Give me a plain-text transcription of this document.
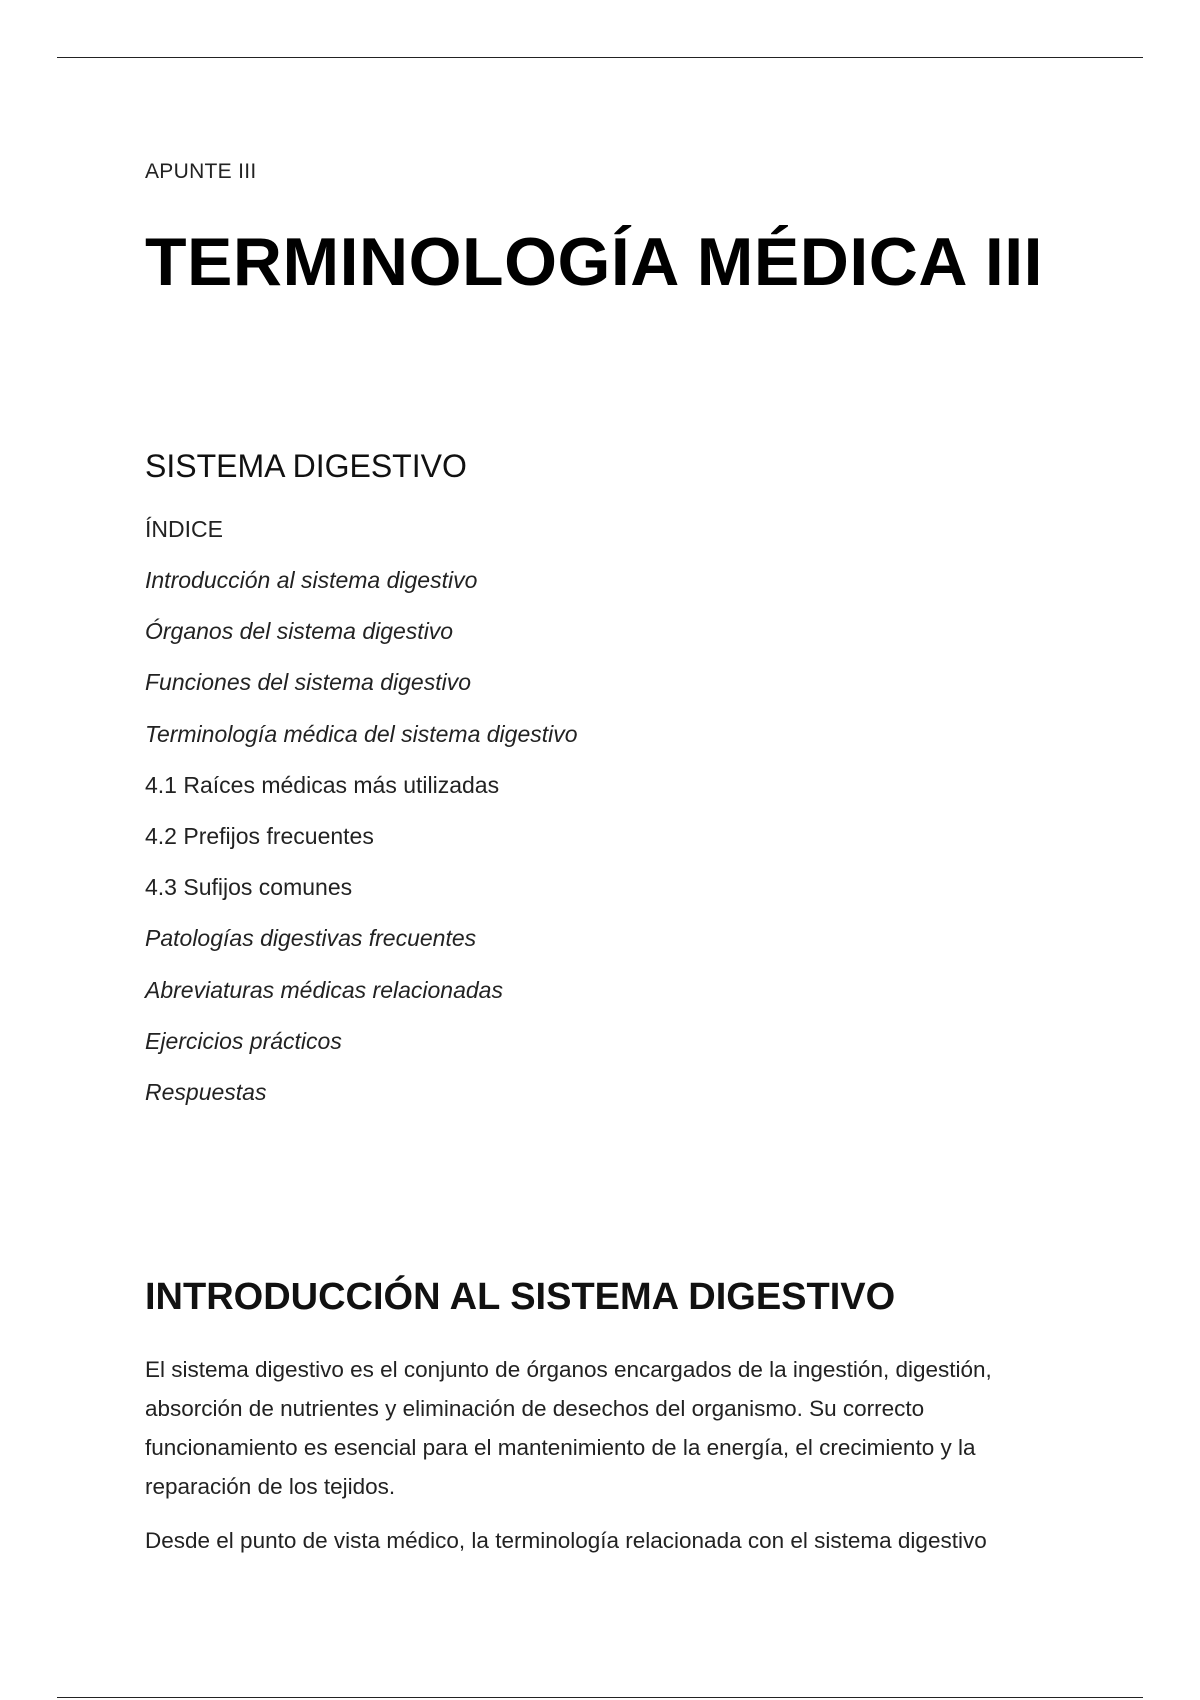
APUNTE III
TERMINOLOGÍA MÉDICA III
SISTEMA DIGESTIVO
ÍNDICE
Introducción al sistema digestivo
Órganos del sistema digestivo
Funciones del sistema digestivo
Terminología médica del sistema digestivo
4.1 Raíces médicas más utilizadas
4.2 Prefijos frecuentes
4.3 Sufijos comunes
Patologías digestivas frecuentes
Abreviaturas médicas relacionadas
Ejercicios prácticos
Respuestas
INTRODUCCIÓN AL SISTEMA DIGESTIVO

El sistema digestivo es el conjunto de órganos encargados de la ingestión, digestión, absorción de nutrientes y eliminación de desechos del organismo. Su correcto funcionamiento es esencial para el mantenimiento de la energía, el crecimiento y la reparación de los tejidos.

Desde el punto de vista médico, la terminología relacionada con el sistema digestivo
